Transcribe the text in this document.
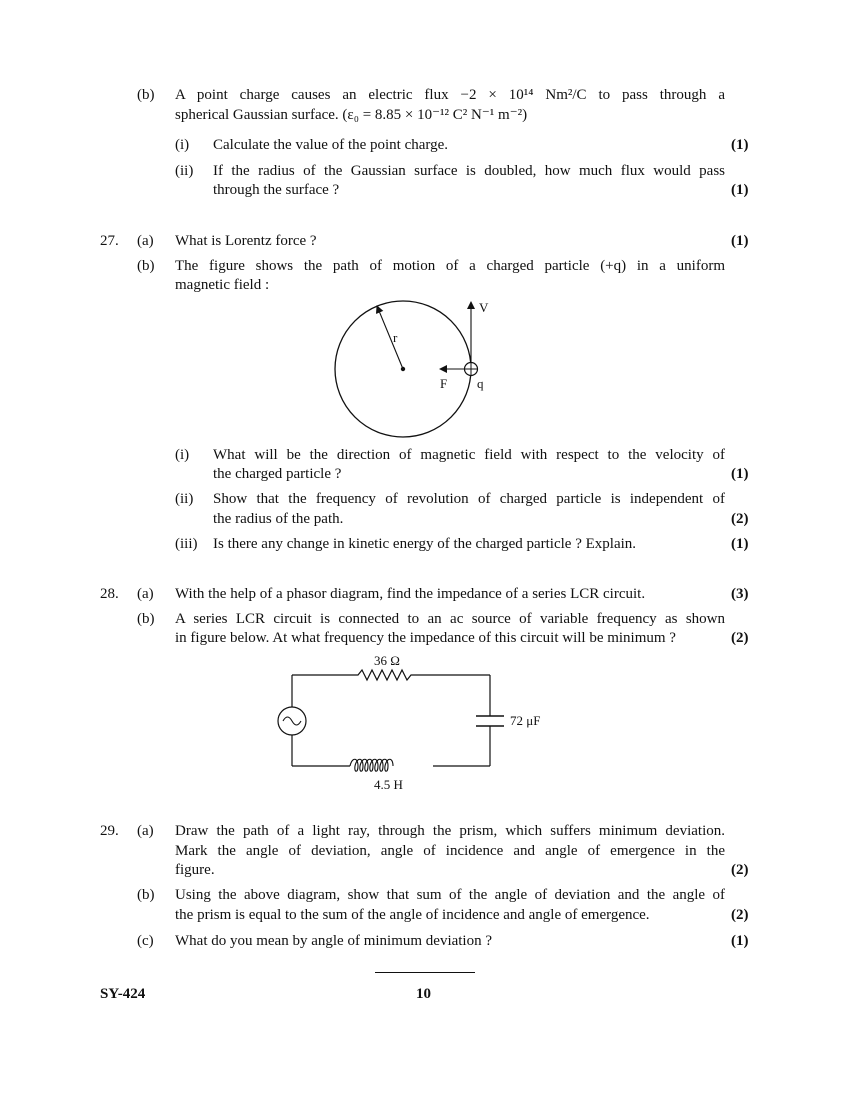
(b) A point charge causes an electric flux −2 × 10¹⁴ Nm²/C to pass through a
spherical Gaussian surface. (ε₀ = 8.85 × 10⁻¹² C² N⁻¹ m⁻²)
(i) Calculate the value of the point charge.	(1)
(ii) If the radius of the Gaussian surface is doubled, how much flux would pass
through the surface ?	(1)
27. (a) What is Lorentz force ?	(1)
(b) The figure shows the path of motion of a charged particle (+q) in a uniform
magnetic field :
r
V
F q
(i) What will be the direction of magnetic field with respect to the velocity of
the charged particle ?	(1)
(ii) Show that the frequency of revolution of charged particle is independent of
the radius of the path.	(2)
(iii) Is there any change in kinetic energy of the charged particle ? Explain.	(1)
28. (a) With the help of a phasor diagram, find the impedance of a series LCR circuit.	(3)
(b) A series LCR circuit is connected to an ac source of variable frequency as shown
in figure below. At what frequency the impedance of this circuit will be minimum ?	(2)
36 Ω
72 μF
4.5 H
29. (a) Draw the path of a light ray, through the prism, which suffers minimum deviation.
Mark the angle of deviation, angle of incidence and angle of emergence in the
figure.	(2)
(b) Using the above diagram, show that sum of the angle of deviation and the angle of
the prism is equal to the sum of the angle of incidence and angle of emergence.	(2)
(c) What do you mean by angle of minimum deviation ?	(1)
SY-424	10
